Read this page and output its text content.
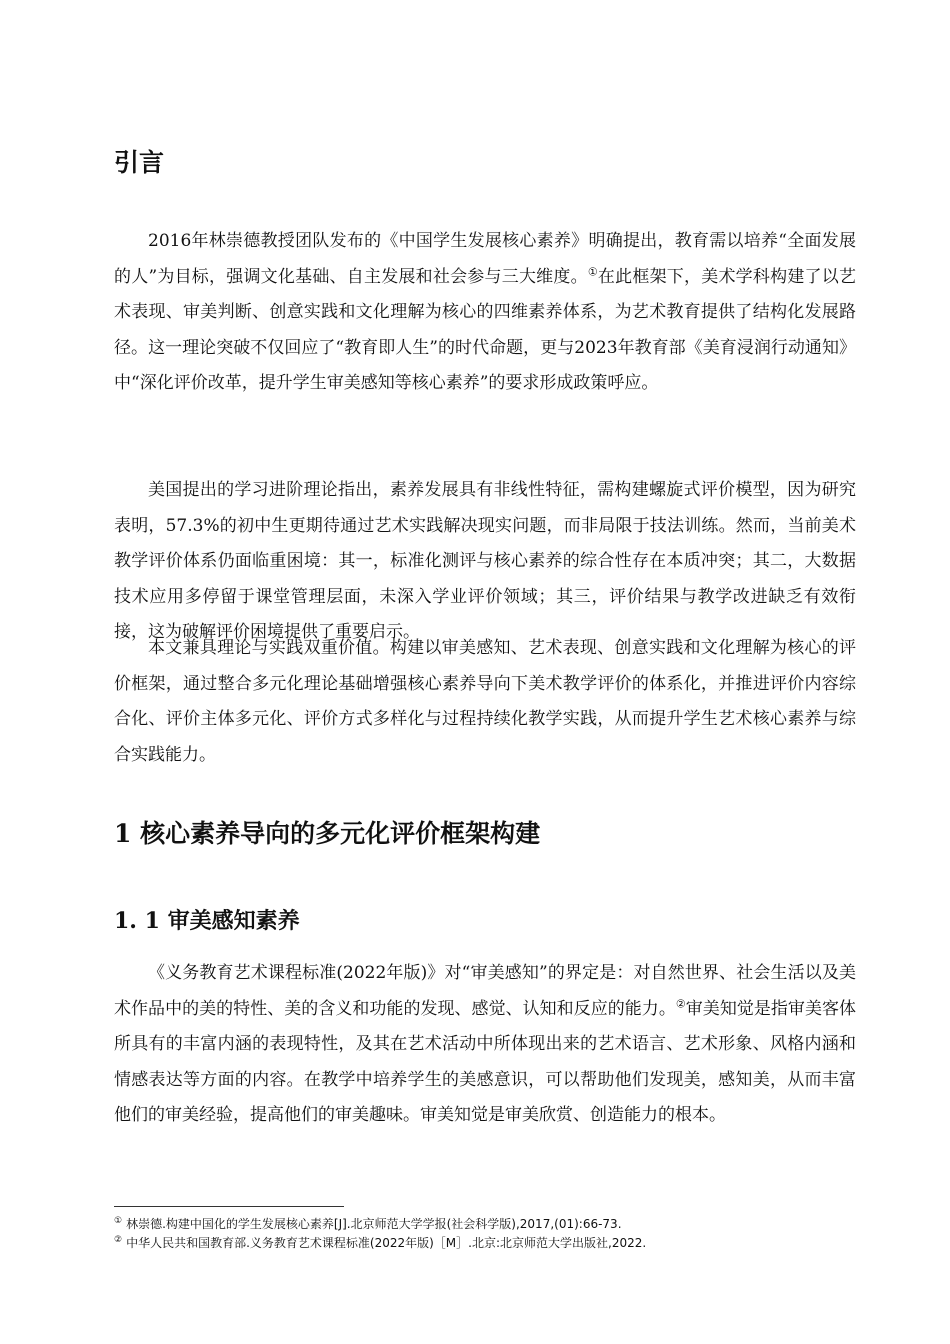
引言

2016年林崇德教授团队发布的《中国学生发展核心素养》明确提出，教育需以培养“全面发展的人”为目标，强调文化基础、自主发展和社会参与三大维度。①在此框架下，美术学科构建了以艺术表现、审美判断、创意实践和文化理解为核心的四维素养体系，为艺术教育提供了结构化发展路径。这一理论突破不仅回应了“教育即人生”的时代命题，更与2023年教育部《美育浸润行动通知》中“深化评价改革，提升学生审美感知等核心素养”的要求形成政策呼应。

美国提出的学习进阶理论指出，素养发展具有非线性特征，需构建螺旋式评价模型，因为研究表明，57.3%的初中生更期待通过艺术实践解决现实问题，而非局限于技法训练。然而，当前美术教学评价体系仍面临重困境：其一，标准化测评与核心素养的综合性存在本质冲突；其二，大数据技术应用多停留于课堂管理层面，未深入学业评价领域；其三，评价结果与教学改进缺乏有效衔接，这为破解评价困境提供了重要启示。

本文兼具理论与实践双重价值。构建以审美感知、艺术表现、创意实践和文化理解为核心的评价框架，通过整合多元化理论基础增强核心素养导向下美术教学评价的体系化，并推进评价内容综合化、评价主体多元化、评价方式多样化与过程持续化教学实践，从而提升学生艺术核心素养与综合实践能力。

1 核心素养导向的多元化评价框架构建
1. 1 审美感知素养

《义务教育艺术课程标准(2022年版)》对“审美感知”的界定是：对自然世界、社会生活以及美术作品中的美的特性、美的含义和功能的发现、感觉、认知和反应的能力。②审美知觉是指审美客体所具有的丰富内涵的表现特性，及其在艺术活动中所体现出来的艺术语言、艺术形象、风格内涵和情感表达等方面的内容。在教学中培养学生的美感意识，可以帮助他们发现美，感知美，从而丰富他们的审美经验，提高他们的审美趣味。审美知觉是审美欣赏、创造能力的根本。

① 林崇德.构建中国化的学生发展核心素养[J].北京师范大学学报(社会科学版),2017,(01):66-73.

② 中华人民共和国教育部.义务教育艺术课程标准(2022年版)［M］.北京:北京师范大学出版社,2022.
